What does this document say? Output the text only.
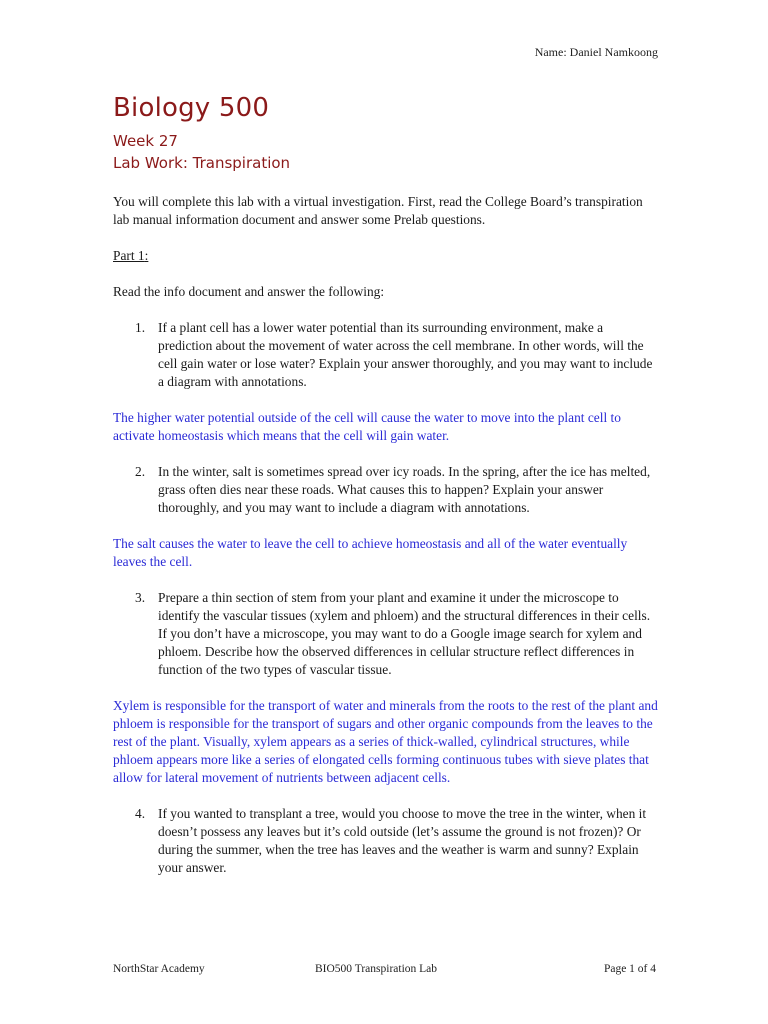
Name: Daniel Namkoong
Biology 500
Week 27
Lab Work: Transpiration

You will complete this lab with a virtual investigation. First, read the College Board’s transpiration lab manual information document and answer some Prelab questions.

Part 1:

Read the info document and answer the following:

1. If a plant cell has a lower water potential than its surrounding environment, make a prediction about the movement of water across the cell membrane. In other words, will the cell gain water or lose water? Explain your answer thoroughly, and you may want to include a diagram with annotations.

The higher water potential outside of the cell will cause the water to move into the plant cell to activate homeostasis which means that the cell will gain water.

2. In the winter, salt is sometimes spread over icy roads. In the spring, after the ice has melted, grass often dies near these roads. What causes this to happen? Explain your answer thoroughly, and you may want to include a diagram with annotations.

The salt causes the water to leave the cell to achieve homeostasis and all of the water eventually leaves the cell.

3. Prepare a thin section of stem from your plant and examine it under the microscope to identify the vascular tissues (xylem and phloem) and the structural differences in their cells. If you don’t have a microscope, you may want to do a Google image search for xylem and phloem. Describe how the observed differences in cellular structure reflect differences in function of the two types of vascular tissue.

Xylem is responsible for the transport of water and minerals from the roots to the rest of the plant and phloem is responsible for the transport of sugars and other organic compounds from the leaves to the rest of the plant. Visually, xylem appears as a series of thick-walled, cylindrical structures, while phloem appears more like a series of elongated cells forming continuous tubes with sieve plates that allow for lateral movement of nutrients between adjacent cells.

4. If you wanted to transplant a tree, would you choose to move the tree in the winter, when it doesn’t possess any leaves but it’s cold outside (let’s assume the ground is not frozen)? Or during the summer, when the tree has leaves and the weather is warm and sunny? Explain your answer.
NorthStar Academy	BIO500 Transpiration Lab	Page 1 of 4
